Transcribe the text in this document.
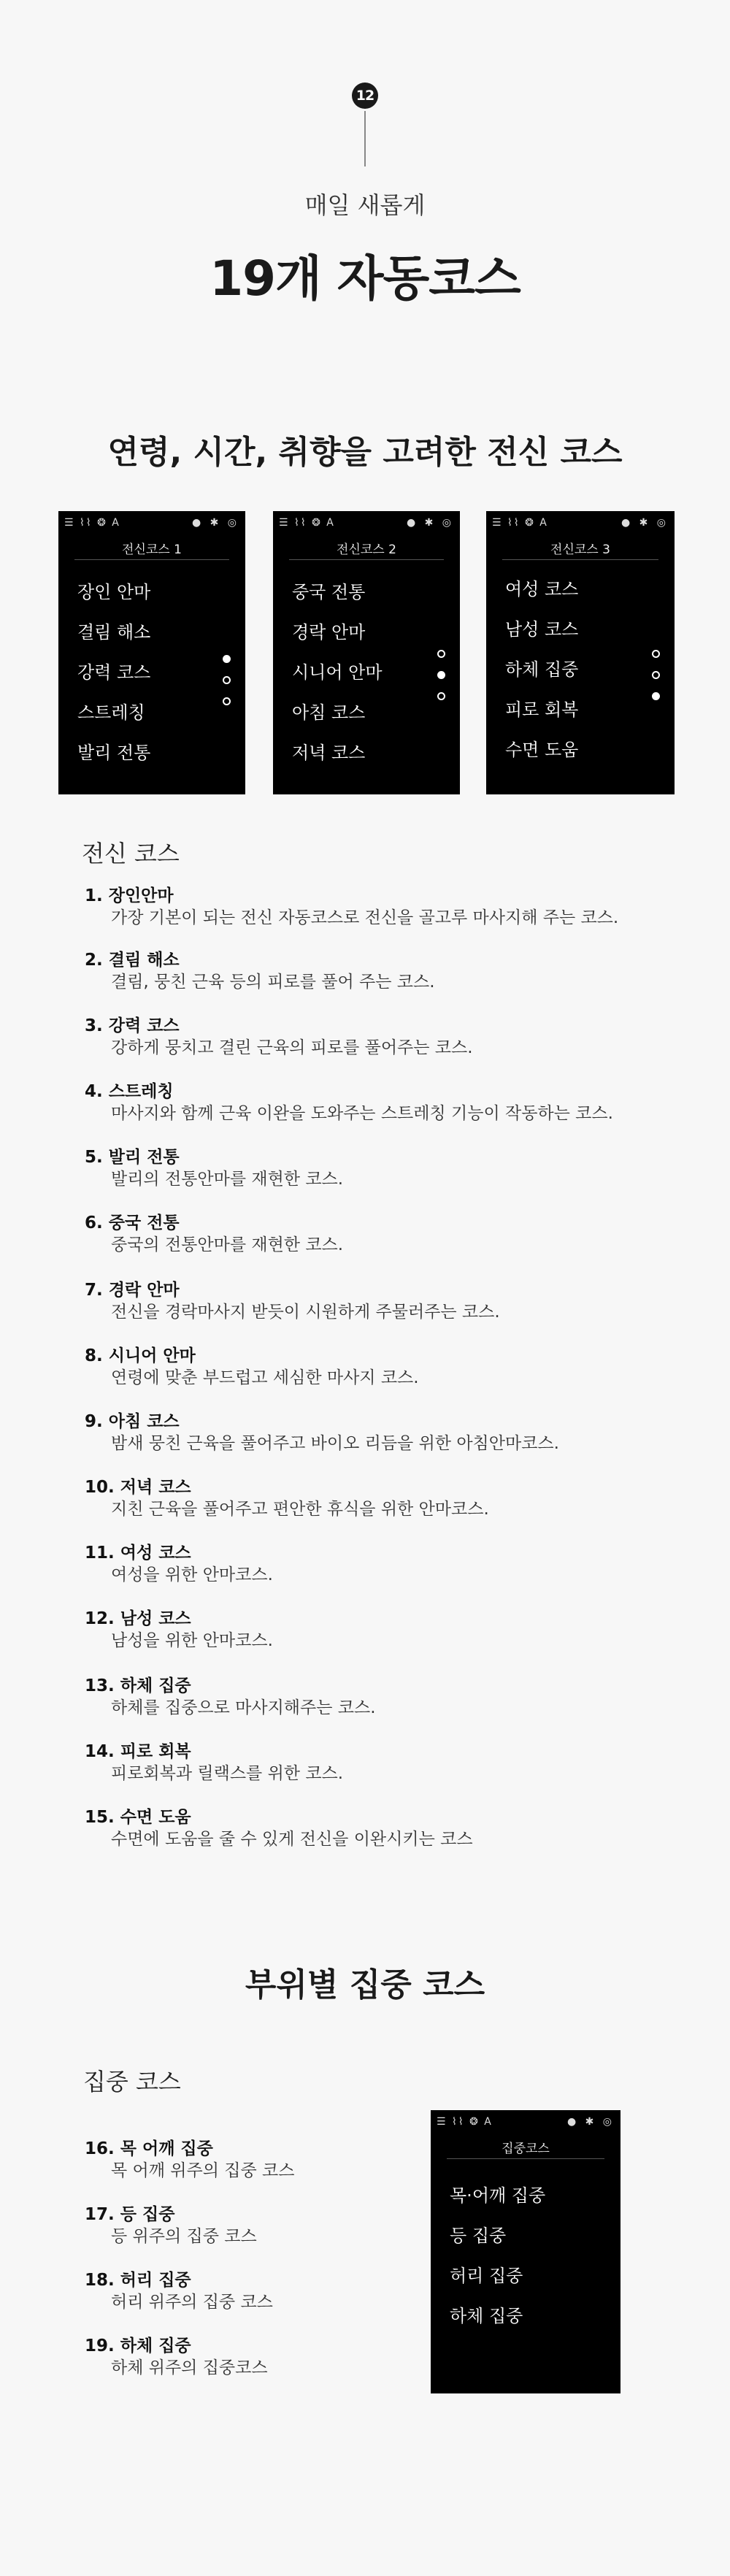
12
매일 새롭게
19개 자동코스
연령, 시간, 취향을 고려한 전신 코스
☰ ⌇⌇ ❂ A	● ✱ ◎
전신코스 1
장인 안마
결림 해소
강력 코스
스트레칭
발리 전통
☰ ⌇⌇ ❂ A	● ✱ ◎
전신코스 2
중국 전통
경락 안마
시니어 안마
아침 코스
저녁 코스
☰ ⌇⌇ ❂ A	● ✱ ◎
전신코스 3
여성 코스
남성 코스
하체 집중
피로 회복
수면 도움
전신 코스
1. 장인안마
가장 기본이 되는 전신 자동코스로 전신을 골고루 마사지해 주는 코스.
2. 결림 해소
결림, 뭉친 근육 등의 피로를 풀어 주는 코스.
3. 강력 코스
강하게 뭉치고 결린 근육의 피로를 풀어주는 코스.
4. 스트레칭
마사지와 함께 근육 이완을 도와주는 스트레칭 기능이 작동하는 코스.
5. 발리 전통
발리의 전통안마를 재현한 코스.
6. 중국 전통
중국의 전통안마를 재현한 코스.
7. 경락 안마
전신을 경락마사지 받듯이 시원하게 주물러주는 코스.
8. 시니어 안마
연령에 맞춘 부드럽고 세심한 마사지 코스.
9. 아침 코스
밤새 뭉친 근육을 풀어주고 바이오 리듬을 위한 아침안마코스.
10. 저녁 코스
지친 근육을 풀어주고 편안한 휴식을 위한 안마코스.
11. 여성 코스
여성을 위한 안마코스.
12. 남성 코스
남성을 위한 안마코스.
13. 하체 집중
하체를 집중으로 마사지해주는 코스.
14. 피로 회복
피로회복과 릴랙스를 위한 코스.
15. 수면 도움
수면에 도움을 줄 수 있게 전신을 이완시키는 코스
부위별 집중 코스
집중 코스
16. 목 어깨 집중
목 어깨 위주의 집중 코스
17. 등 집중
등 위주의 집중 코스
18. 허리 집중
허리 위주의 집중 코스
19. 하체 집중
하체 위주의 집중코스
☰ ⌇⌇ ❂ A	● ✱ ◎
집중코스
목·어깨 집중
등 집중
허리 집중
하체 집중
